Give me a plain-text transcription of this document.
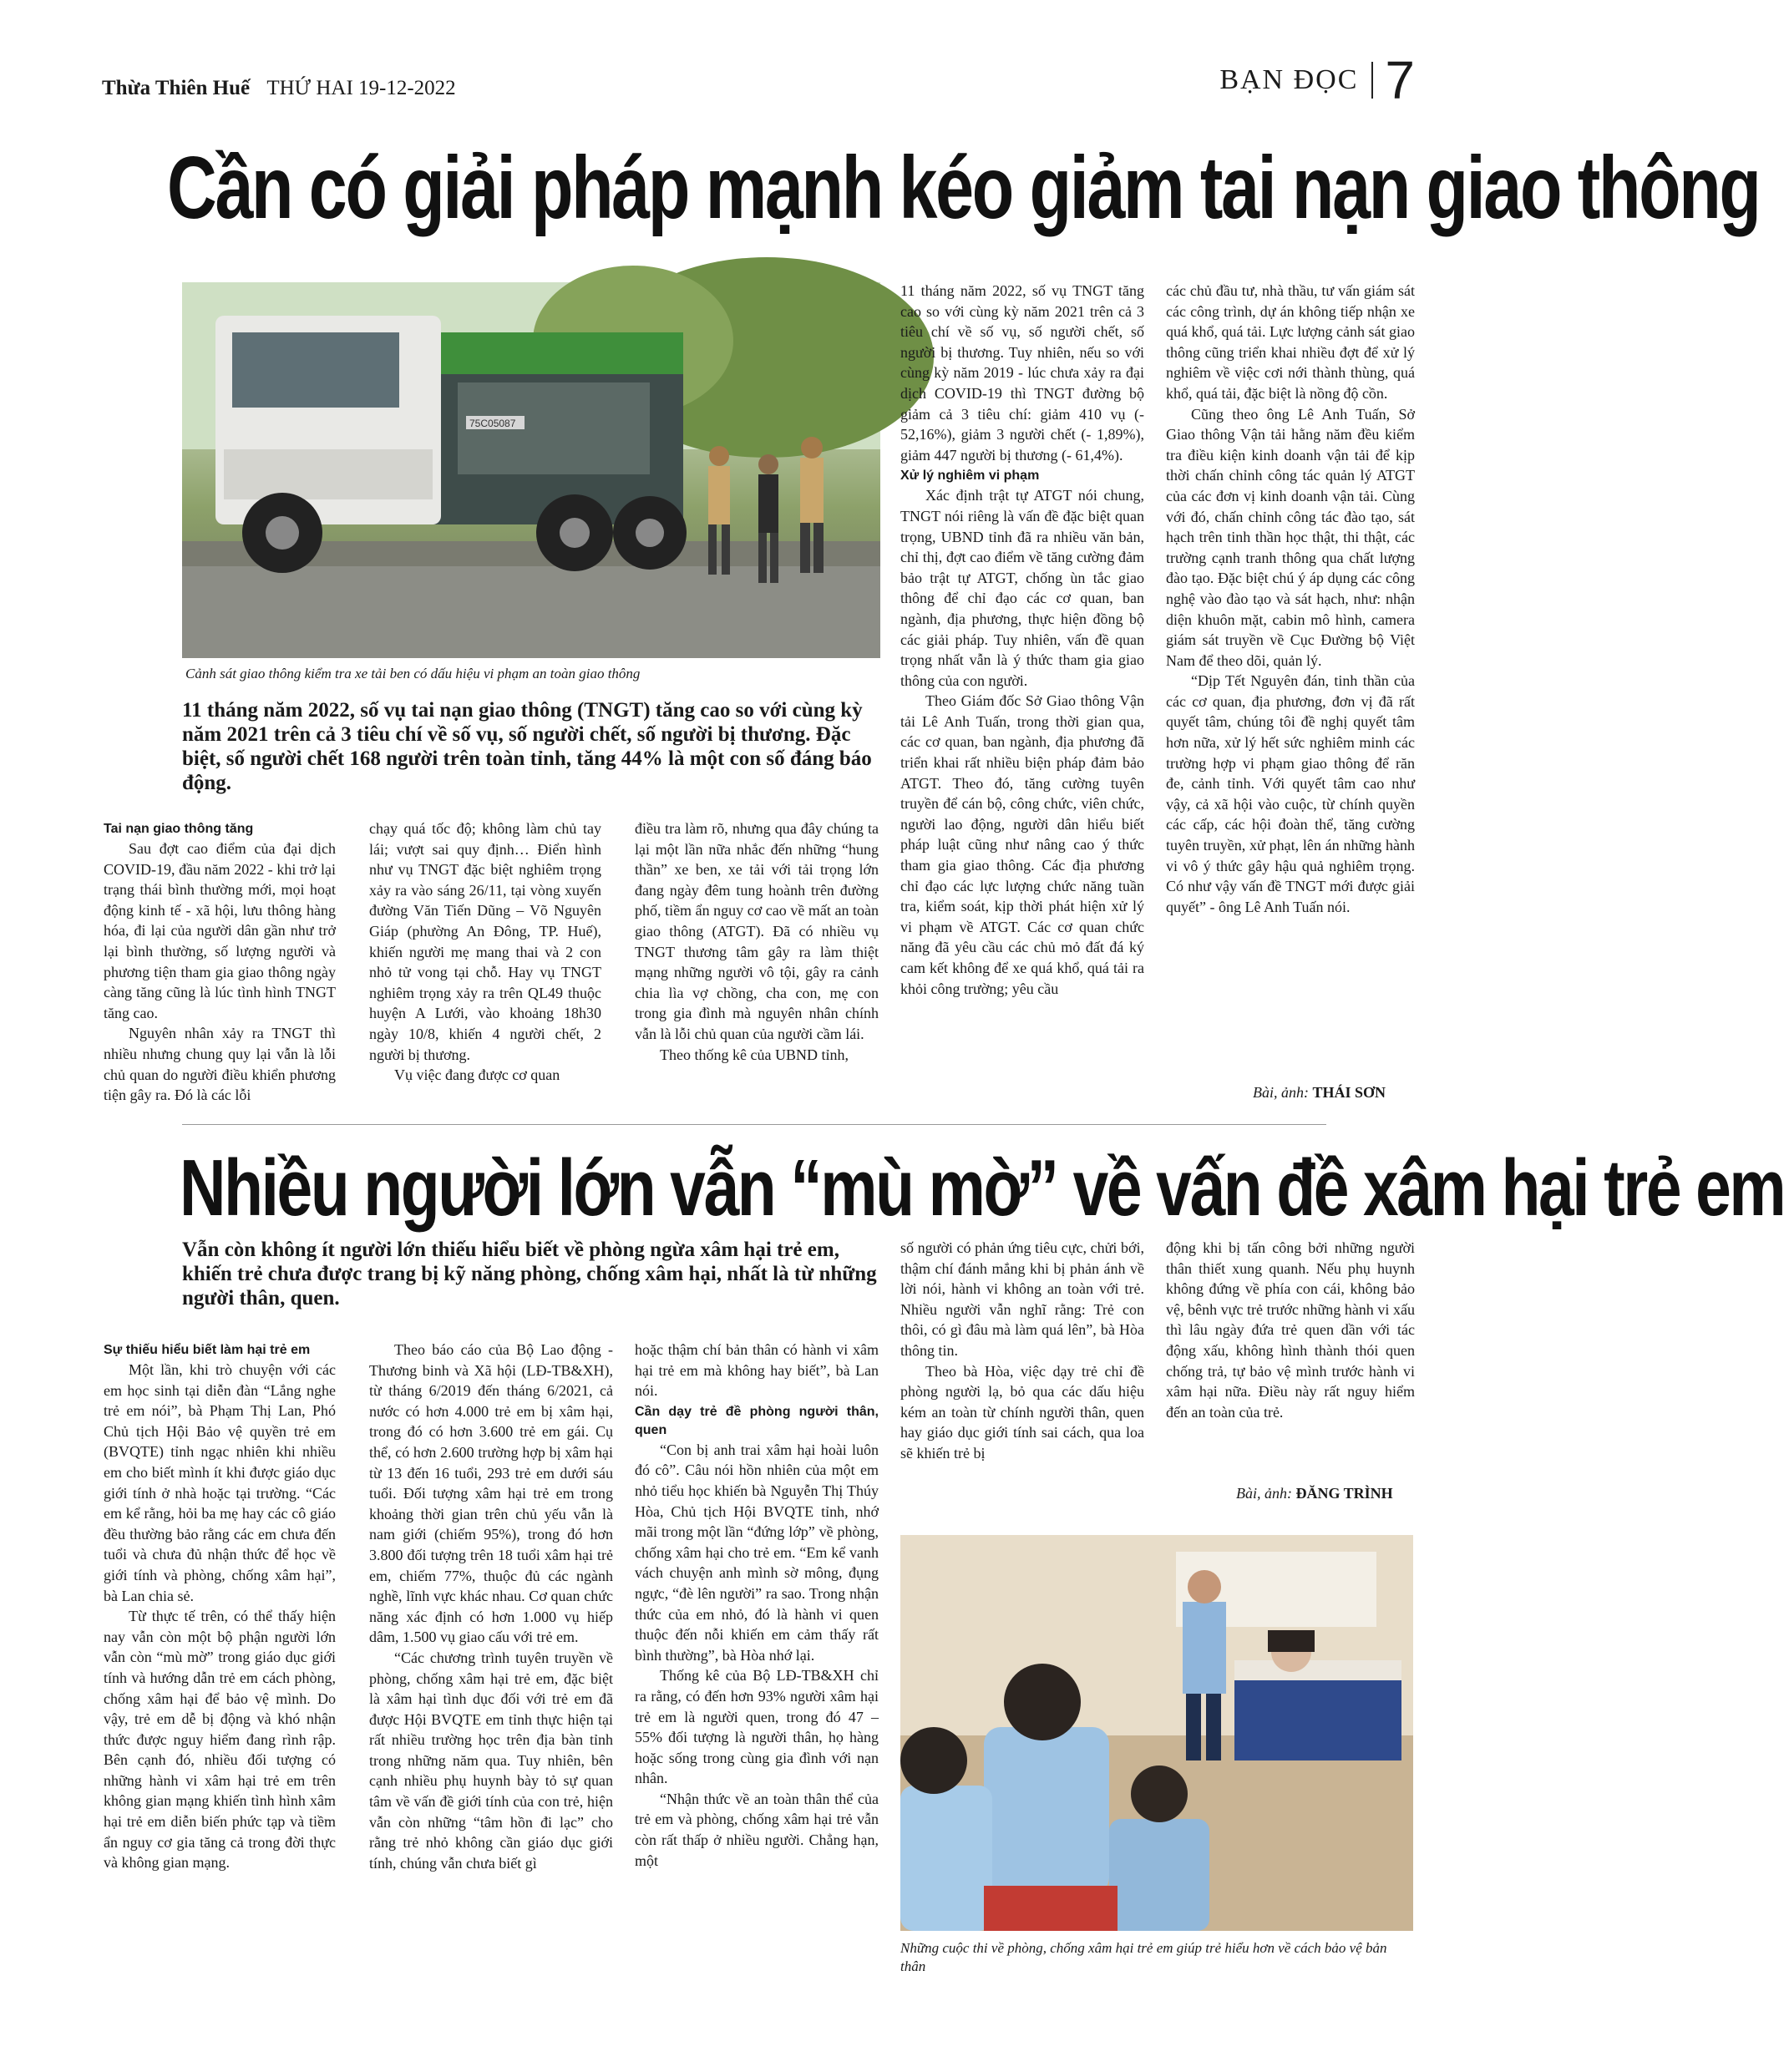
Thừa Thiên Huế THỨ HAI 19-12-2022	BẠN ĐỌC 7
Cần có giải pháp mạnh kéo giảm tai nạn giao thông
75C05087
Cảnh sát giao thông kiểm tra xe tải ben có dấu hiệu vi phạm an toàn giao thông
11 tháng năm 2022, số vụ tai nạn giao thông (TNGT) tăng cao so với cùng kỳ năm 2021 trên cả 3 tiêu chí về số vụ, số người chết, số người bị thương. Đặc biệt, số người chết 168 người trên toàn tỉnh, tăng 44% là một con số đáng báo động.

Tai nạn giao thông tăng

Sau đợt cao điểm của đại dịch COVID-19, đầu năm 2022 - khi trở lại trạng thái bình thường mới, mọi hoạt động kinh tế - xã hội, lưu thông hàng hóa, đi lại của người dân gần như trở lại bình thường, số lượng người và phương tiện tham gia giao thông ngày càng tăng cũng là lúc tình hình TNGT tăng cao.

Nguyên nhân xảy ra TNGT thì nhiều nhưng chung quy lại vẫn là lỗi chủ quan do người điều khiển phương tiện gây ra. Đó là các lỗi

chạy quá tốc độ; không làm chủ tay lái; vượt sai quy định… Điển hình như vụ TNGT đặc biệt nghiêm trọng xảy ra vào sáng 26/11, tại vòng xuyến đường Văn Tiến Dũng – Võ Nguyên Giáp (phường An Đông, TP. Huế), khiến người mẹ mang thai và 2 con nhỏ tử vong tại chỗ. Hay vụ TNGT nghiêm trọng xảy ra trên QL49 thuộc huyện A Lưới, vào khoảng 18h30 ngày 10/8, khiến 4 người chết, 2 người bị thương.

Vụ việc đang được cơ quan

điều tra làm rõ, nhưng qua đây chúng ta lại một lần nữa nhắc đến những “hung thần” xe ben, xe tải với tải trọng lớn đang ngày đêm tung hoành trên đường phố, tiềm ẩn nguy cơ cao về mất an toàn giao thông (ATGT). Đã có nhiều vụ TNGT thương tâm gây ra làm thiệt mạng những người vô tội, gây ra cảnh chia lìa vợ chồng, cha con, mẹ con trong gia đình mà nguyên nhân chính vẫn là lỗi chủ quan của người cầm lái.

Theo thống kê của UBND tỉnh,

11 tháng năm 2022, số vụ TNGT tăng cao so với cùng kỳ năm 2021 trên cả 3 tiêu chí về số vụ, số người chết, số người bị thương. Tuy nhiên, nếu so với cùng kỳ năm 2019 - lúc chưa xảy ra đại dịch COVID-19 thì TNGT đường bộ giảm cả 3 tiêu chí: giảm 410 vụ (- 52,16%), giảm 3 người chết (- 1,89%), giảm 447 người bị thương (- 61,4%).

Xử lý nghiêm vi phạm

Xác định trật tự ATGT nói chung, TNGT nói riêng là vấn đề đặc biệt quan trọng, UBND tỉnh đã ra nhiều văn bản, chỉ thị, đợt cao điểm về tăng cường đảm bảo trật tự ATGT, chống ùn tắc giao thông để chỉ đạo các cơ quan, ban ngành, địa phương, thực hiện đồng bộ các giải pháp. Tuy nhiên, vấn đề quan trọng nhất vẫn là ý thức tham gia giao thông của con người.

Theo Giám đốc Sở Giao thông Vận tải Lê Anh Tuấn, trong thời gian qua, các cơ quan, ban ngành, địa phương đã triển khai rất nhiều biện pháp đảm bảo ATGT. Theo đó, tăng cường tuyên truyền để cán bộ, công chức, viên chức, người lao động, người dân hiểu biết pháp luật cũng như nâng cao ý thức tham gia giao thông. Các địa phương chỉ đạo các lực lượng chức năng tuần tra, kiểm soát, kịp thời phát hiện xử lý vi phạm về ATGT. Các cơ quan chức năng đã yêu cầu các chủ mỏ đất đá ký cam kết không để xe quá khổ, quá tải ra khỏi công trường; yêu cầu

các chủ đầu tư, nhà thầu, tư vấn giám sát các công trình, dự án không tiếp nhận xe quá khổ, quá tải. Lực lượng cảnh sát giao thông cũng triển khai nhiều đợt để xử lý nghiêm về việc cơi nới thành thùng, quá khổ, quá tải, đặc biệt là nồng độ cồn.

Cũng theo ông Lê Anh Tuấn, Sở Giao thông Vận tải hằng năm đều kiểm tra điều kiện kinh doanh vận tải để kịp thời chấn chỉnh công tác quản lý ATGT của các đơn vị kinh doanh vận tải. Cùng với đó, chấn chỉnh công tác đào tạo, sát hạch trên tinh thần học thật, thi thật, các trường cạnh tranh thông qua chất lượng đào tạo. Đặc biệt chú ý áp dụng các công nghệ vào đào tạo và sát hạch, như: nhận diện khuôn mặt, cabin mô hình, camera giám sát truyền về Cục Đường bộ Việt Nam để theo dõi, quản lý.

“Dịp Tết Nguyên đán, tinh thần của các cơ quan, địa phương, đơn vị đã rất quyết tâm, chúng tôi đề nghị quyết tâm hơn nữa, xử lý hết sức nghiêm minh các trường hợp vi phạm giao thông để răn đe, cảnh tỉnh. Với quyết tâm cao như vậy, cả xã hội vào cuộc, từ chính quyền các cấp, các hội đoàn thể, tăng cường tuyên truyền, xử phạt, lên án những hành vi vô ý thức gây hậu quả nghiêm trọng. Có như vậy vấn đề TNGT mới được giải quyết” - ông Lê Anh Tuấn nói.

Bài, ảnh: THÁI SƠN
Nhiều người lớn vẫn “mù mờ” về vấn đề xâm hại trẻ em
Vẫn còn không ít người lớn thiếu hiểu biết về phòng ngừa xâm hại trẻ em, khiến trẻ chưa được trang bị kỹ năng phòng, chống xâm hại, nhất là từ những người thân, quen.

Sự thiếu hiểu biết làm hại trẻ em

Một lần, khi trò chuyện với các em học sinh tại diễn đàn “Lắng nghe trẻ em nói”, bà Phạm Thị Lan, Phó Chủ tịch Hội Bảo vệ quyền trẻ em (BVQTE) tỉnh ngạc nhiên khi nhiều em cho biết mình ít khi được giáo dục giới tính ở nhà hoặc tại trường. “Các em kể rằng, hỏi ba mẹ hay các cô giáo đều thường bảo rằng các em chưa đến tuổi và chưa đủ nhận thức để học về giới tính và phòng, chống xâm hại”, bà Lan chia sẻ.

Từ thực tế trên, có thể thấy hiện nay vẫn còn một bộ phận người lớn vẫn còn “mù mờ” trong giáo dục giới tính và hướng dẫn trẻ em cách phòng, chống xâm hại để bảo vệ mình. Do vậy, trẻ em dễ bị động và khó nhận thức được nguy hiểm đang rình rập. Bên cạnh đó, nhiều đối tượng có những hành vi xâm hại trẻ em trên không gian mạng khiến tình hình xâm hại trẻ em diễn biến phức tạp và tiềm ẩn nguy cơ gia tăng cả trong đời thực và không gian mạng.

Theo báo cáo của Bộ Lao động - Thương binh và Xã hội (LĐ-TB&XH), từ tháng 6/2019 đến tháng 6/2021, cả nước có hơn 4.000 trẻ em bị xâm hại, trong đó có hơn 3.600 trẻ em gái. Cụ thể, có hơn 2.600 trường hợp bị xâm hại từ 13 đến 16 tuổi, 293 trẻ em dưới sáu tuổi. Đối tượng xâm hại trẻ em trong khoảng thời gian trên chủ yếu vẫn là nam giới (chiếm 95%), trong đó hơn 3.800 đối tượng trên 18 tuổi xâm hại trẻ em, chiếm 77%, thuộc đủ các ngành nghề, lĩnh vực khác nhau. Cơ quan chức năng xác định có hơn 1.000 vụ hiếp dâm, 1.500 vụ giao cấu với trẻ em.

“Các chương trình tuyên truyền về phòng, chống xâm hại trẻ em, đặc biệt là xâm hại tình dục đối với trẻ em đã được Hội BVQTE em tỉnh thực hiện tại rất nhiều trường học trên địa bàn tỉnh trong những năm qua. Tuy nhiên, bên cạnh nhiều phụ huynh bày tỏ sự quan tâm về vấn đề giới tính của con trẻ, hiện vẫn còn những “tâm hồn đi lạc” cho rằng trẻ nhỏ không cần giáo dục giới tính, chúng vẫn chưa biết gì

hoặc thậm chí bản thân có hành vi xâm hại trẻ em mà không hay biết”, bà Lan nói.

Cần dạy trẻ đề phòng người thân, quen

“Con bị anh trai xâm hại hoài luôn đó cô”. Câu nói hồn nhiên của một em nhỏ tiểu học khiến bà Nguyễn Thị Thúy Hòa, Chủ tịch Hội BVQTE tỉnh, nhớ mãi trong một lần “đứng lớp” về phòng, chống xâm hại cho trẻ em. “Em kể vanh vách chuyện anh mình sờ mông, đụng ngực, “đè lên người” ra sao. Trong nhận thức của em nhỏ, đó là hành vi quen thuộc đến nỗi khiến em cảm thấy rất bình thường”, bà Hòa nhớ lại.

Thống kê của Bộ LĐ-TB&XH chỉ ra rằng, có đến hơn 93% người xâm hại trẻ em là người quen, trong đó 47 – 55% đối tượng là người thân, họ hàng hoặc sống trong cùng gia đình với nạn nhân.

“Nhận thức về an toàn thân thể của trẻ em và phòng, chống xâm hại trẻ vẫn còn rất thấp ở nhiều người. Chẳng hạn, một

số người có phản ứng tiêu cực, chửi bới, thậm chí đánh mắng khi bị phản ánh về lời nói, hành vi không an toàn với trẻ. Nhiều người vẫn nghĩ rằng: Trẻ con thôi, có gì đâu mà làm quá lên”, bà Hòa thông tin.

Theo bà Hòa, việc dạy trẻ chỉ đề phòng người lạ, bỏ qua các dấu hiệu kém an toàn từ chính người thân, quen hay giáo dục giới tính sai cách, qua loa sẽ khiến trẻ bị

động khi bị tấn công bởi những người thân thiết xung quanh. Nếu phụ huynh không đứng về phía con cái, không bảo vệ, bênh vực trẻ trước những hành vi xấu thì lâu ngày đứa trẻ quen dần với tác động xấu, không hình thành thói quen chống trả, tự bảo vệ mình trước hành vi xâm hại nữa. Điều này rất nguy hiểm đến an toàn của trẻ.

Bài, ảnh: ĐĂNG TRÌNH
Những cuộc thi về phòng, chống xâm hại trẻ em giúp trẻ hiểu hơn về cách bảo vệ bản thân
